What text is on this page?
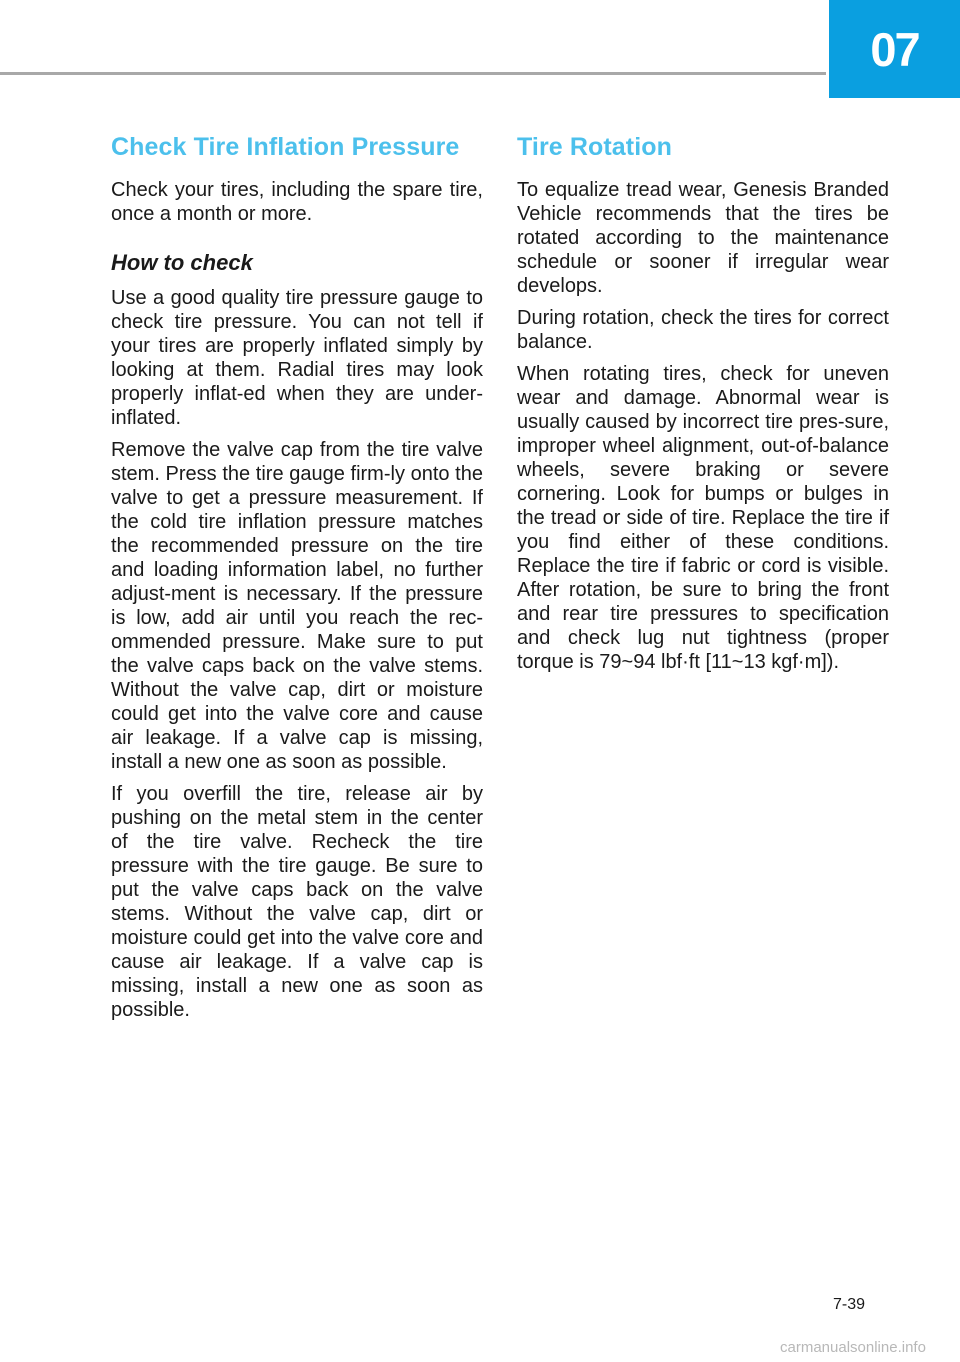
07
Check Tire Inflation Pressure

Check your tires, including the spare tire, once a month or more.

How to check

Use a good quality tire pressure gauge to check tire pressure. You can not tell if your tires are properly inflated simply by looking at them. Radial tires may look properly inflat-ed when they are under-inflated.

Remove the valve cap from the tire valve stem. Press the tire gauge firm-ly onto the valve to get a pressure measurement. If the cold tire inflation pressure matches the recommended pressure on the tire and loading information label, no further adjust-ment is necessary. If the pressure is low, add air until you reach the rec-ommended pressure. Make sure to put the valve caps back on the valve stems. Without the valve cap, dirt or moisture could get into the valve core and cause air leakage. If a valve cap is missing, install a new one as soon as possible.

If you overfill the tire, release air by pushing on the metal stem in the center of the tire valve. Recheck the tire pressure with the tire gauge. Be sure to put the valve caps back on the valve stems. Without the valve cap, dirt or moisture could get into the valve core and cause air leakage. If a valve cap is missing, install a new one as soon as possible.

Tire Rotation

To equalize tread wear, Genesis Branded Vehicle recommends that the tires be rotated according to the maintenance schedule or sooner if irregular wear develops.

During rotation, check the tires for correct balance.

When rotating tires, check for uneven wear and damage. Abnormal wear is usually caused by incorrect tire pres-sure, improper wheel alignment, out-of-balance wheels, severe braking or severe cornering. Look for bumps or bulges in the tread or side of tire. Replace the tire if you find either of these conditions. Replace the tire if fabric or cord is visible. After rotation, be sure to bring the front and rear tire pressures to specification and check lug nut tightness (proper torque is 79~94 lbf·ft [11~13 kgf·m]).

7-39
carmanualsonline.info
